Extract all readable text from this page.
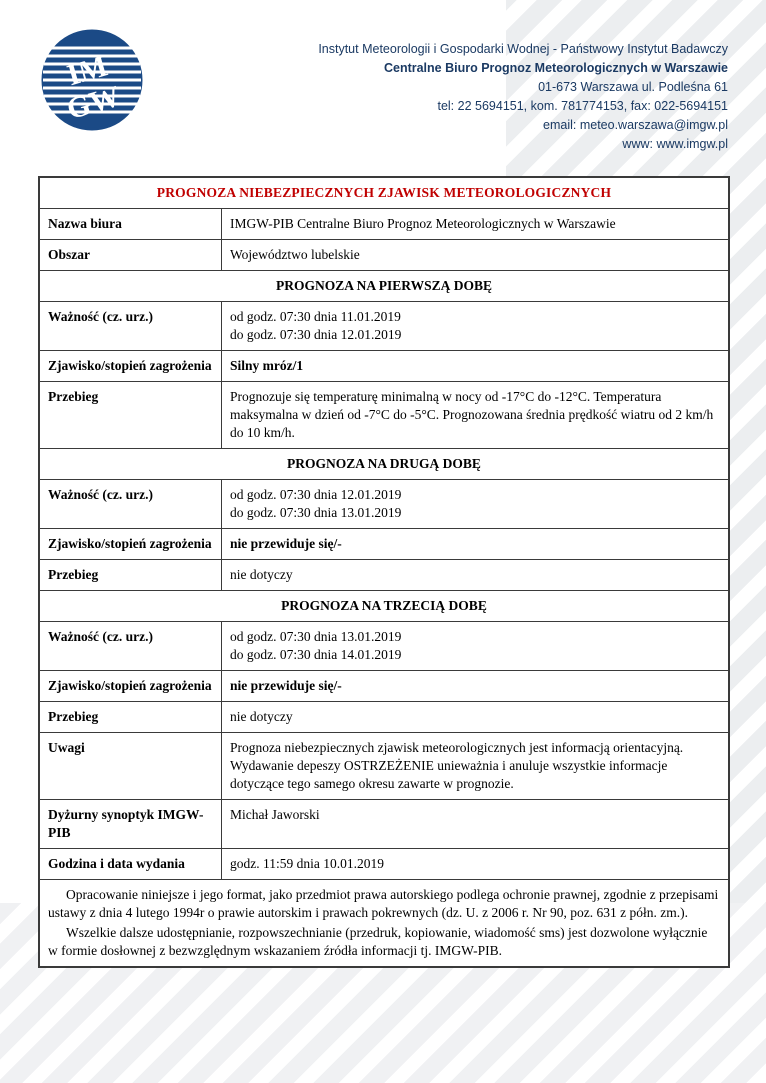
IM
GW
Instytut Meteorologii i Gospodarki Wodnej - Państwowy Instytut Badawczy
Centralne Biuro Prognoz Meteorologicznych w Warszawie
01-673 Warszawa ul. Podleśna 61
tel: 22 5694151, kom. 781774153, fax: 022-5694151
email: meteo.warszawa@imgw.pl
www: www.imgw.pl
PROGNOZA NIEBEZPIECZNYCH ZJAWISK METEOROLOGICZNYCH	
Nazwa biura	IMGW-PIB Centralne Biuro Prognoz Meteorologicznych w Warszawie
Obszar	Województwo lubelskie
PROGNOZA NA PIERWSZĄ DOBĘ	
Ważność (cz. urz.)	od godz. 07:30 dnia 11.01.2019
do godz. 07:30 dnia 12.01.2019

Zjawisko/stopień zagrożenia	Silny mróz/1
Przebieg	Prognozuje się temperaturę minimalną w nocy od -17°C do -12°C. Temperatura maksymalna w dzień od -7°C do -5°C. Prognozowana średnia prędkość wiatru od 2 km/h do 10 km/h.
PROGNOZA NA DRUGĄ DOBĘ	
Ważność (cz. urz.)	od godz. 07:30 dnia 12.01.2019
do godz. 07:30 dnia 13.01.2019

Zjawisko/stopień zagrożenia	nie przewiduje się/-
Przebieg	nie dotyczy
PROGNOZA NA TRZECIĄ DOBĘ	
Ważność (cz. urz.)	od godz. 07:30 dnia 13.01.2019
do godz. 07:30 dnia 14.01.2019

Zjawisko/stopień zagrożenia	nie przewiduje się/-
Przebieg	nie dotyczy
Uwagi	Prognoza niebezpiecznych zjawisk meteorologicznych jest informacją orientacyjną. Wydawanie depeszy OSTRZEŻENIE unieważnia i anuluje wszystkie informacje dotyczące tego samego okresu zawarte w prognozie.
Dyżurny synoptyk IMGW-PIB	Michał Jaworski
Godzina i data wydania	godz. 11:59 dnia 10.01.2019

Opracowanie niniejsze i jego format, jako przedmiot prawa autorskiego podlega ochronie prawnej, zgodnie z przepisami ustawy z dnia 4 lutego 1994r o prawie autorskim i prawach pokrewnych (dz. U. z 2006 r. Nr 90, poz. 631 z półn. zm.).

Wszelkie dalsze udostępnianie, rozpowszechnianie (przedruk, kopiowanie, wiadomość sms) jest dozwolone wyłącznie w formie dosłownej z bezwzględnym wskazaniem źródła informacji tj. IMGW-PIB.	
